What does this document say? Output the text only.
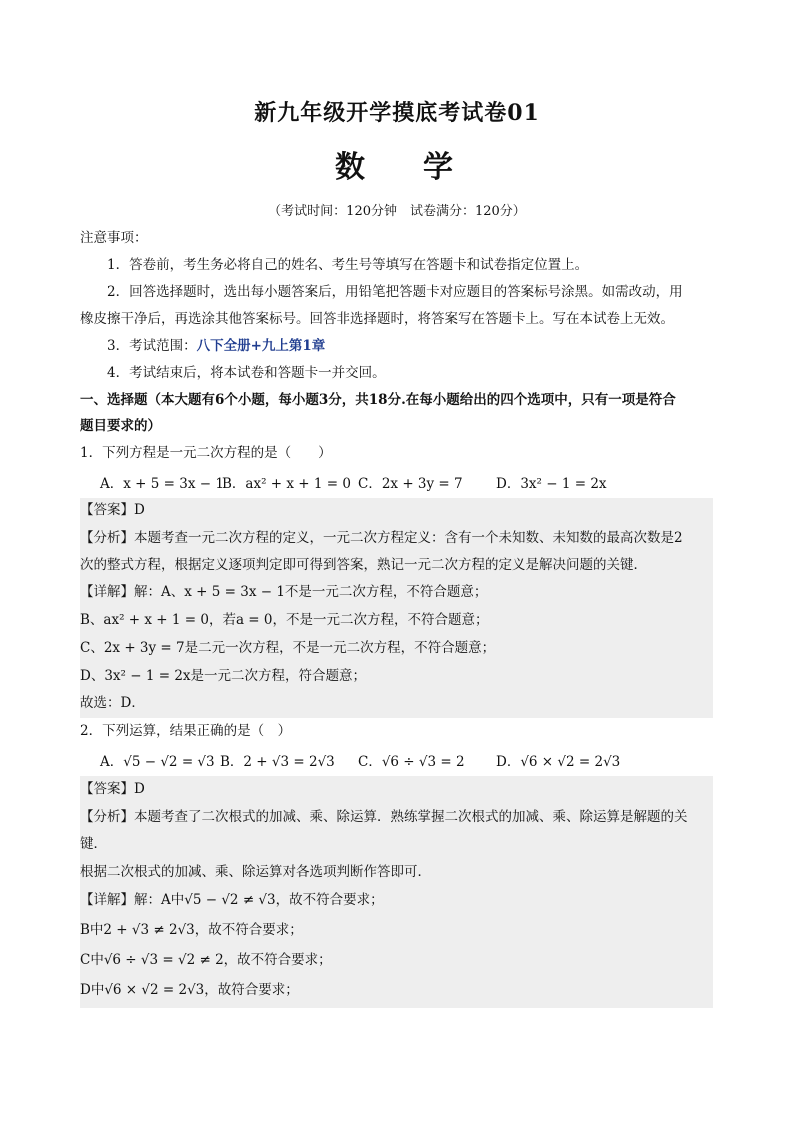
新九年级开学摸底考试卷01
数 学
（考试时间：120分钟　试卷满分：120分）
注意事项：
1．答卷前，考生务必将自己的姓名、考生号等填写在答题卡和试卷指定位置上。
2．回答选择题时，选出每小题答案后，用铅笔把答题卡对应题目的答案标号涂黑。如需改动，用
橡皮擦干净后，再选涂其他答案标号。回答非选择题时，将答案写在答题卡上。写在本试卷上无效。
3．考试范围：八下全册+九上第1章
4．考试结束后，将本试卷和答题卡一并交回。
一、选择题（本大题有6个小题，每小题3分，共18分.在每小题给出的四个选项中，只有一项是符合
题目要求的）
1．下列方程是一元二次方程的是（　　）
A．x + 5 = 3x − 1
B．ax² + x + 1 = 0 C．2x + 3y = 7 D．3x² − 1 = 2x
【答案】D
【分析】本题考查一元二次方程的定义，一元二次方程定义：含有一个未知数、未知数的最高次数是2
次的整式方程，根据定义逐项判定即可得到答案，熟记一元二次方程的定义是解决问题的关键．
【详解】解：A、x + 5 = 3x − 1不是一元二次方程，不符合题意；
B、ax² + x + 1 = 0，若a = 0，不是一元二次方程，不符合题意；
C、2x + 3y = 7是二元一次方程，不是一元二次方程，不符合题意；
D、3x² − 1 = 2x是一元二次方程，符合题意；
故选：D．
2．下列运算，结果正确的是（　）
A．√5 − √2 = √3 B．2 + √3 = 2√3 C．√6 ÷ √3 = 2 D．√6 × √2 = 2√3
【答案】D
【分析】本题考查了二次根式的加减、乘、除运算．熟练掌握二次根式的加减、乘、除运算是解题的关
键．
根据二次根式的加减、乘、除运算对各选项判断作答即可．
【详解】解：A中√5 − √2 ≠ √3，故不符合要求；
B中2 + √3 ≠ 2√3，故不符合要求；
C中√6 ÷ √3 = √2 ≠ 2，故不符合要求；
D中√6 × √2 = 2√3，故符合要求；
